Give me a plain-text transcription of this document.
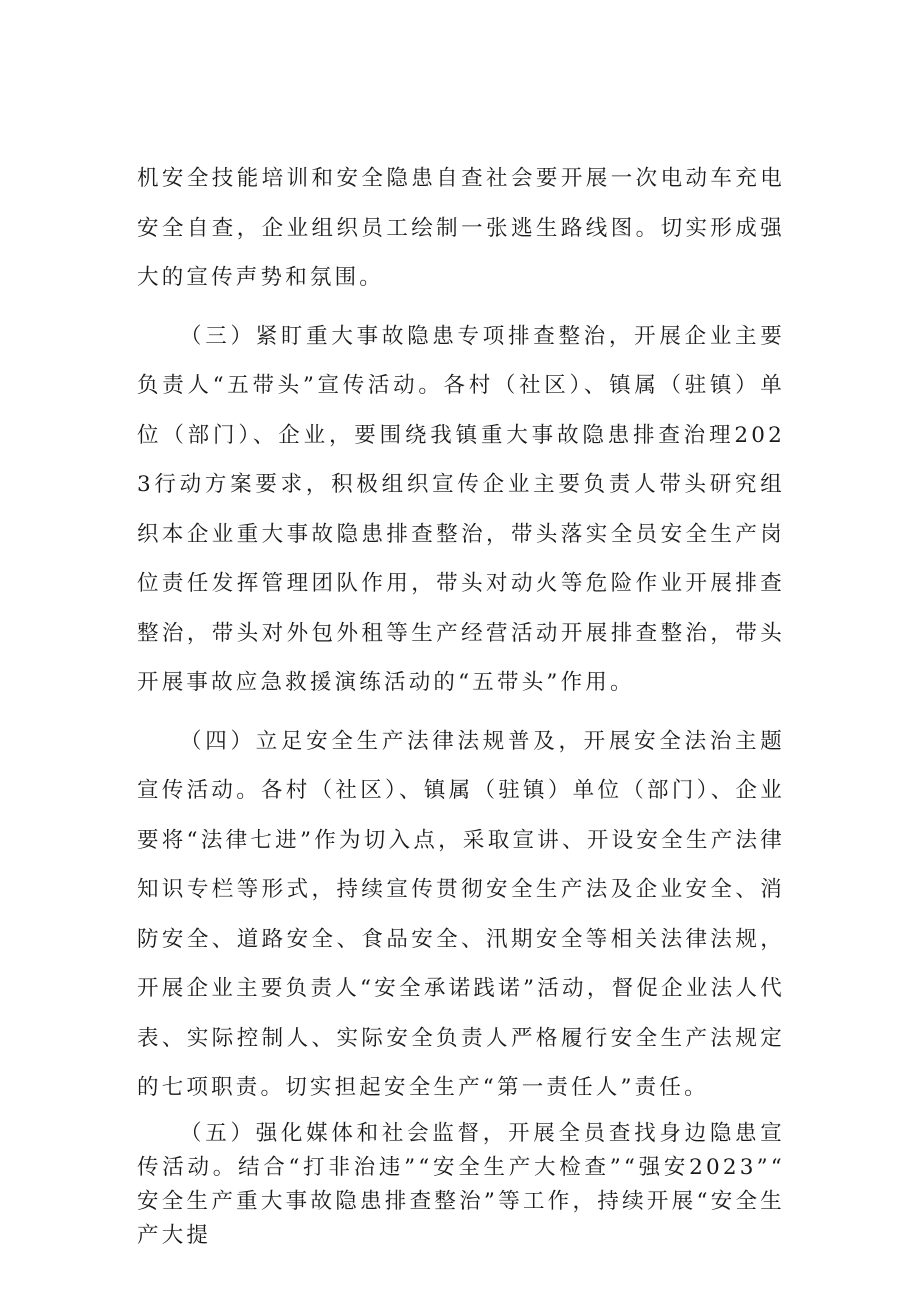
机安全技能培训和安全隐患自查社会要开展一次电动车充电安全自查，企业组织员工绘制一张逃生路线图。切实形成强大的宣传声势和氛围。

（三）紧盯重大事故隐患专项排查整治，开展企业主要负责人“五带头”宣传活动。各村（社区）、镇属（驻镇）单位（部门）、企业，要围绕我镇重大事故隐患排查治理2023行动方案要求，积极组织宣传企业主要负责人带头研究组织本企业重大事故隐患排查整治，带头落实全员安全生产岗位责任发挥管理团队作用，带头对动火等危险作业开展排查整治，带头对外包外租等生产经营活动开展排查整治，带头开展事故应急救援演练活动的“五带头”作用。

（四）立足安全生产法律法规普及，开展安全法治主题宣传活动。各村（社区）、镇属（驻镇）单位（部门）、企业要将“法律七进”作为切入点，采取宣讲、开设安全生产法律知识专栏等形式，持续宣传贯彻安全生产法及企业安全、消防安全、道路安全、食品安全、汛期安全等相关法律法规，开展企业主要负责人“安全承诺践诺”活动，督促企业法人代表、实际控制人、实际安全负责人严格履行安全生产法规定的七项职责。切实担起安全生产“第一责任人”责任。

（五）强化媒体和社会监督，开展全员查找身边隐患宣传活动。结合“打非治违”“安全生产大检查”“强安2023”“安全生产重大事故隐患排查整治”等工作，持续开展“安全生产大提
